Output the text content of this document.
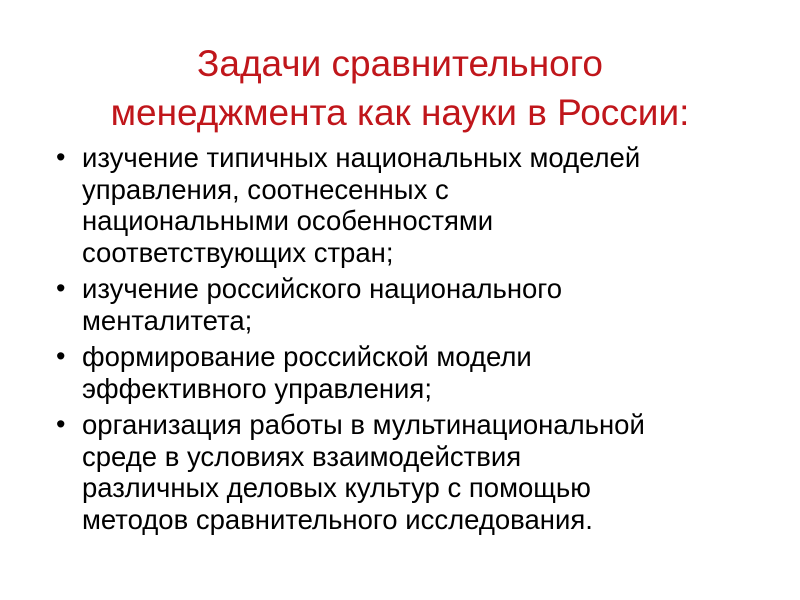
Задачи сравнительного
менеджмента как науки в России:
• изучение типичных национальных моделей
управления, соотнесенных с
национальными особенностями
соответствующих стран;
• изучение российского национального
менталитета;
• формирование российской модели
эффективного управления;
• организация работы в мультинациональной
среде в условиях взаимодействия
различных деловых культур с помощью
методов сравнительного исследования.
